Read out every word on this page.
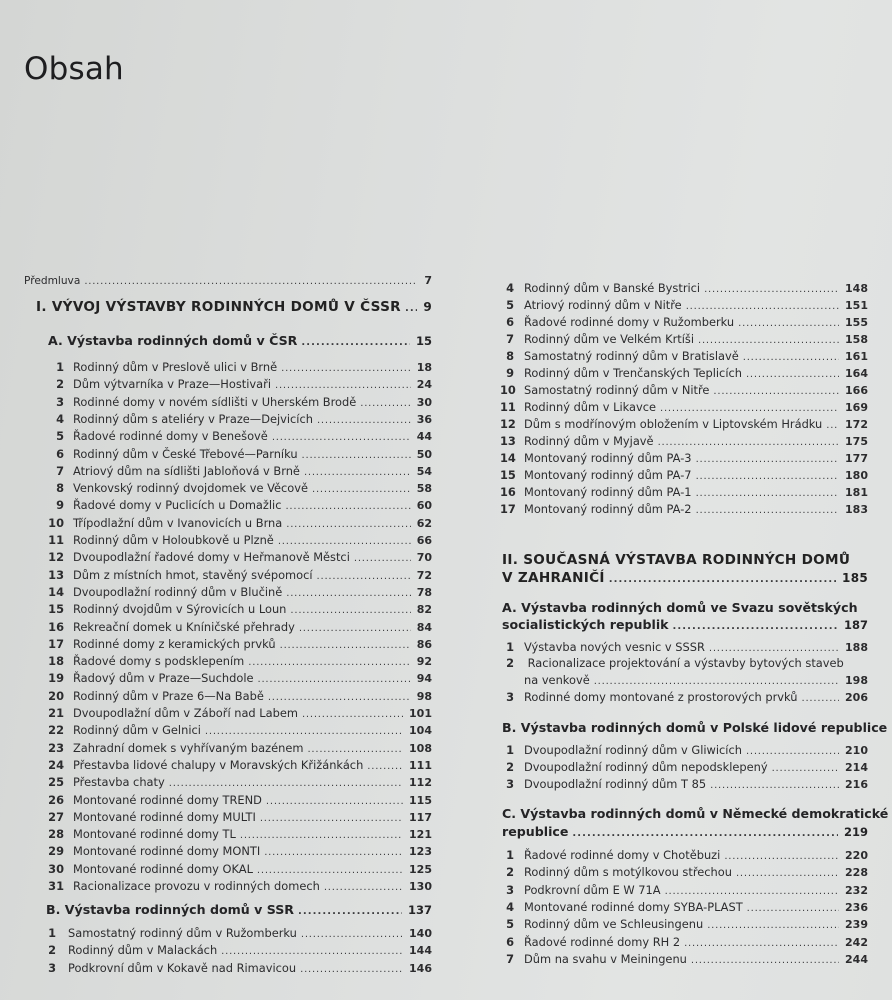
Obsah
Předmluva . . .	7
I. VÝVOJ VÝSTAVBY RODINNÝCH DOMŮ V ČSSR . . . 9
A. Výstavba rodinných domů v ČSR . . .	15
1 Rodinný dům v Preslově ulici v Brně . . .	18
2 Dům výtvarníka v Praze—Hostivaři . . .	24
3 Rodinné domy v novém sídlišti v Uherském Brodě . . .	30
4 Rodinný dům s ateliéry v Praze—Dejvicích . . .	36
5 Řadové rodinné domy v Benešově . . .	44
6 Rodinný dům v České Třebové—Parníku . . .	50
7 Atriový dům na sídlišti Jabloňová v Brně . . .	54
8 Venkovský rodinný dvojdomek ve Věcově . . .	58
9 Řadové domy v Puclicích u Domažlic . . .	60
10 Třípodlažní dům v Ivanovicích u Brna . . .	62
11 Rodinný dům v Holoubkově u Plzně . . .	66
12 Dvoupodlažní řadové domy v Heřmanově Městci . . .	70
13 Dům z místních hmot, stavěný svépomocí . . .	72
14 Dvoupodlažní rodinný dům v Blučině . . .	78
15 Rodinný dvojdům v Sýrovicích u Loun . . .	82
16 Rekreační domek u Kníničské přehrady . . .	84
17 Rodinné domy z keramických prvků . . .	86
18 Řadové domy s podsklepením . . .	92
19 Řadový dům v Praze—Suchdole . . .	94
20 Rodinný dům v Praze 6—Na Babě . . .	98
21 Dvoupodlažní dům v Záboří nad Labem . . .	101
22 Rodinný dům v Gelnici . . .	104
23 Zahradní domek s vyhřívaným bazénem . . .	108
24 Přestavba lidové chalupy v Moravských Křižánkách . . .	111
25 Přestavba chaty . . .	112
26 Montované rodinné domy TREND . . .	115
27 Montované rodinné domy MULTI . . .	117
28 Montované rodinné domy TL . . .	121
29 Montované rodinné domy MONTI . . .	123
30 Montované rodinné domy OKAL . . .	125
31 Racionalizace provozu v rodinných domech . . .	130
B. Výstavba rodinných domů v SSR . . .	137
1 Samostatný rodinný dům v Ružomberku . . .	140
2 Rodinný dům v Malackách . . .	144
3 Podkrovní dům v Kokavě nad Rimavicou . . .	146
4 Rodinný dům v Banské Bystrici . . .	148
5 Atriový rodinný dům v Nitře . . .	151
6 Řadové rodinné domy v Ružomberku . . .	155
7 Rodinný dům ve Velkém Krtíši . . .	158
8 Samostatný rodinný dům v Bratislavě . . .	161
9 Rodinný dům v Trenčanských Teplicích . . .	164
10 Samostatný rodinný dům v Nitře . . .	166
11 Rodinný dům v Likavce . . .	169
12 Dům s modřínovým obložením v Liptovském Hrádku . . . 172
13 Rodinný dům v Myjavě . . .	175
14 Montovaný rodinný dům PA-3 . . .	177
15 Montovaný rodinný dům PA-7 . . .	180
16 Montovaný rodinný dům PA-1 . . .	181
17 Montovaný rodinný dům PA-2 . . .	183
II. SOUČASNÁ VÝSTAVBA RODINNÝCH DOMŮ
V ZAHRANIČÍ . . .	185
A. Výstavba rodinných domů ve Svazu sovětských
socialistických republik . . .	187
1 Výstavba nových vesnic v SSSR . . .	188
2 Racionalizace projektování a výstavby bytových staveb
na venkově . . .	198
3 Rodinné domy montované z prostorových prvků . . .	206
B. Výstavba rodinných domů v Polské lidové republice
1 Dvoupodlažní rodinný dům v Gliwicích . . .	210
2 Dvoupodlažní rodinný dům nepodsklepený . . .	214
3 Dvoupodlažní rodinný dům T 85 . . .	216
C. Výstavba rodinných domů v Německé demokratické
republice . . .	219
1 Řadové rodinné domy v Chotěbuzi . . .	220
2 Rodinný dům s motýlkovou střechou . . .	228
3 Podkrovní dům E W 71A . . .	232
4 Montované rodinné domy SYBA-PLAST . . .	236
5 Rodinný dům ve Schleusingenu . . .	239
6 Řadové rodinné domy RH 2 . . .	242
7 Dům na svahu v Meiningenu . . .	244
